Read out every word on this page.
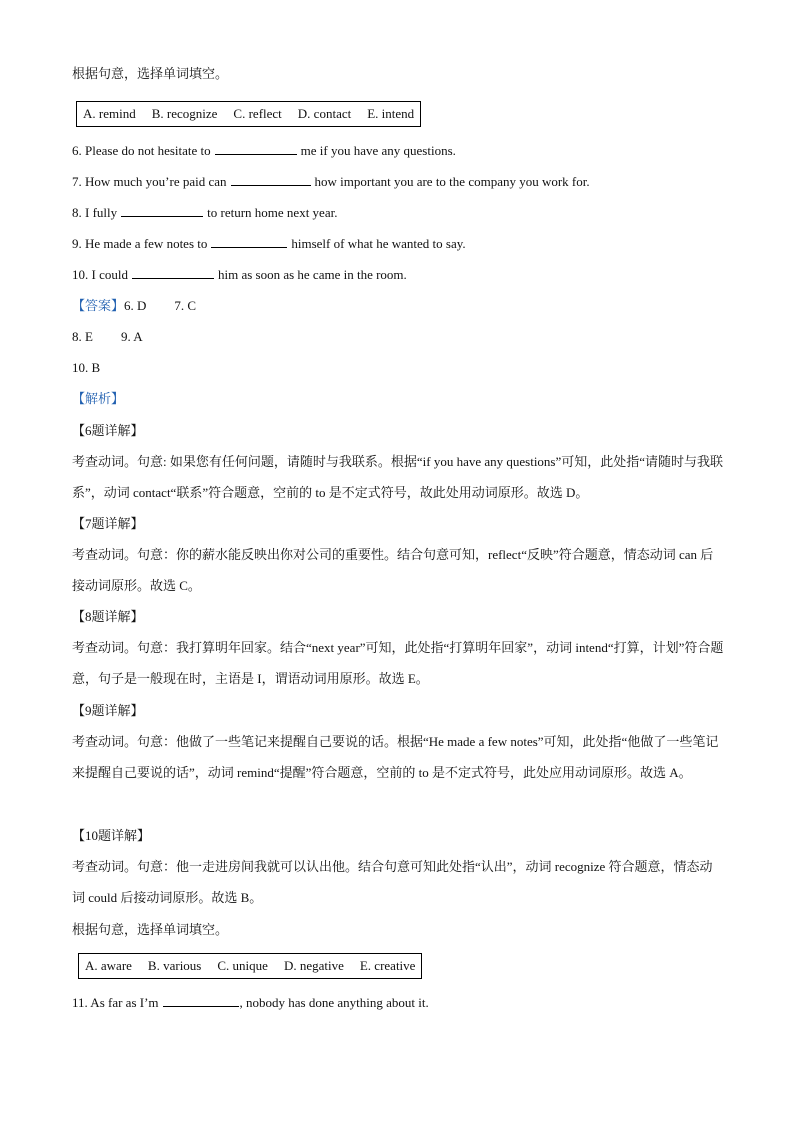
根据句意，选择单词填空。
A. remind B. recognize C. reflect D. contact E. intend
6. Please do not hesitate to	me if you have any questions.
7. How much you’re paid can	how important you are to the company you work for.
8. I fully	to return home next year.
9. He made a few notes to	himself of what he wanted to say.
10. I could	him as soon as he came in the room.
【答案】6. D 7. C
8. E 9. A
10. B
【解析】
【6题详解】
考查动词。句意: 如果您有任何问题，请随时与我联系。根据“if you have any questions”可知，此处指“请随时与我联系”，动词 contact“联系”符合题意，空前的 to 是不定式符号，故此处用动词原形。故选 D。
【7题详解】
考查动词。句意：你的薪水能反映出你对公司的重要性。结合句意可知，reflect“反映”符合题意，情态动词 can 后接动词原形。故选 C。
【8题详解】
考查动词。句意：我打算明年回家。结合“next year”可知，此处指“打算明年回家”，动词 intend“打算，计划”符合题意，句子是一般现在时，主语是 I，谓语动词用原形。故选 E。
【9题详解】
考查动词。句意：他做了一些笔记来提醒自己要说的话。根据“He made a few notes”可知，此处指“他做了一些笔记来提醒自己要说的话”，动词 remind“提醒”符合题意，空前的 to 是不定式符号，此处应用动词原形。故选 A。
【10题详解】
考查动词。句意：他一走进房间我就可以认出他。结合句意可知此处指“认出”，动词 recognize 符合题意，情态动词 could 后接动词原形。故选 B。
根据句意，选择单词填空。
A. aware B. various C. unique D. negative E. creative
11. As far as I’m	, nobody has done anything about it.
